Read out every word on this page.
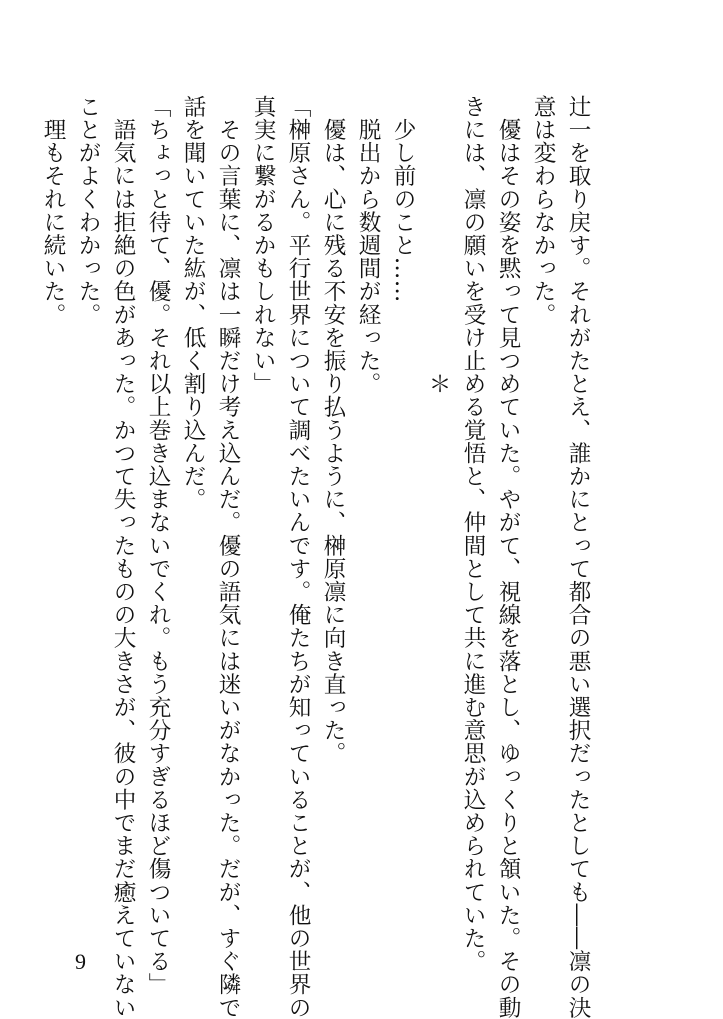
辻一を取り戻す。それがたとえ、誰かにとって都合の悪い選択だったとしても――凛の決
意は変わらなかった。
　優はその姿を黙って見つめていた。やがて、視線を落とし、ゆっくりと頷いた。その動
きには、凛の願いを受け止める覚悟と、仲間として共に進む意思が込められていた。
　　　　　　　　　　　　＊
　少し前のこと……
　脱出から数週間が経った。
　優は、心に残る不安を振り払うように、榊原凛に向き直った。
「榊原さん。平行世界について調べたいんです。俺たちが知っていることが、他の世界の
真実に繋がるかもしれない」
　その言葉に、凛は一瞬だけ考え込んだ。優の語気には迷いがなかった。だが、すぐ隣で
話を聞いていた紘が、低く割り込んだ。
「ちょっと待て、優。それ以上巻き込まないでくれ。もう充分すぎるほど傷ついてる」
　語気には拒絶の色があった。かつて失ったものの大きさが、彼の中でまだ癒えていない
ことがよくわかった。
　理もそれに続いた。
9
